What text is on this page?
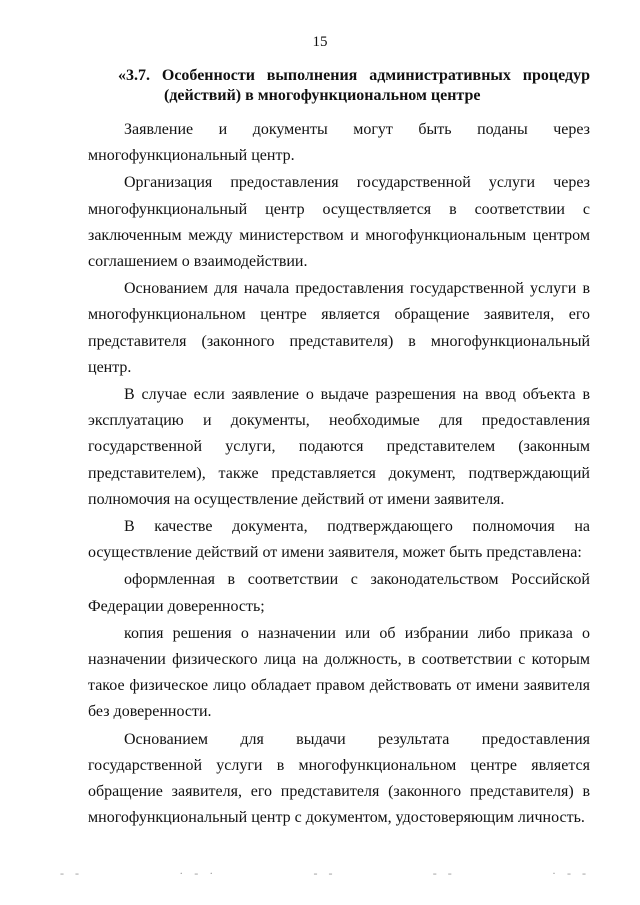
15
«3.7. Особенности выполнения административных процедур
(действий) в многофункциональном центре

Заявление и документы могут быть поданы через многофункциональный центр.

Организация предоставления государственной услуги через многофункциональный центр осуществляется в соответствии с заключенным между министерством и многофункциональным центром соглашением о взаимодействии.

Основанием для начала предоставления государственной услуги в многофункциональном центре является обращение заявителя, его представителя (законного представителя) в многофункциональный центр.

В случае если заявление о выдаче разрешения на ввод объекта в эксплуатацию и документы, необходимые для предоставления государственной услуги, подаются представителем (законным представителем), также представляется документ, подтверждающий полномочия на осуществление действий от имени заявителя.

В качестве документа, подтверждающего полномочия на осуществление действий от имени заявителя, может быть представлена:

оформленная в соответствии с законодательством Российской Федерации доверенность;

копия решения о назначении или об избрании либо приказа о назначении физического лица на должность, в соответствии с которым такое физическое лицо обладает правом действовать от имени заявителя без доверенности.

Основанием для выдачи результата предоставления государственной услуги в многофункциональном центре является обращение заявителя, его представителя (законного представителя) в многофункциональный центр с документом, удостоверяющим личность.

‐ ‐	· ‐ ·	‐ ‐	‐ ‐	· ‐ ‐
